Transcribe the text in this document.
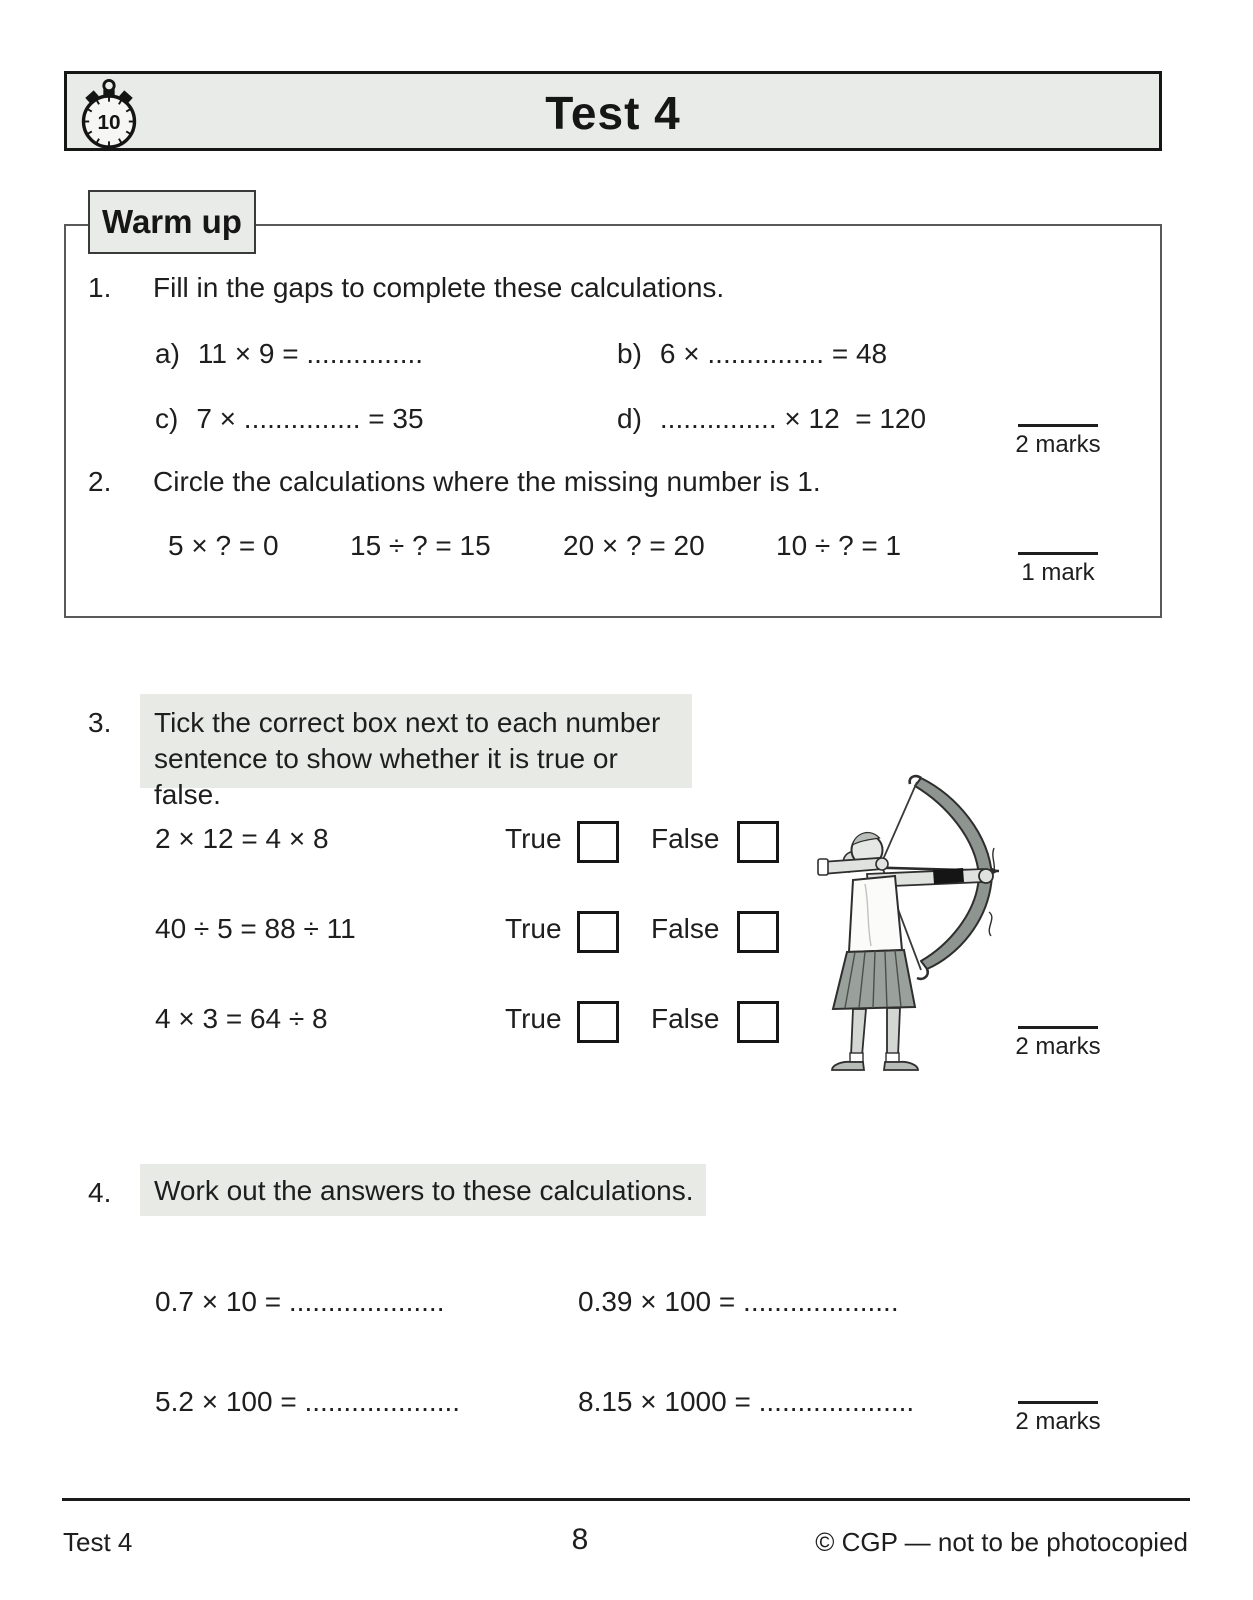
10	Test 4
Warm up
1. Fill in the gaps to complete these calculations.
a) 11 × 9 = ...............	b) 6 × ............... = 48
c) 7 × ............... = 35	d) ............... × 12  = 120
2 marks
2. Circle the calculations where the missing number is 1.
5 × ? = 0	15 ÷ ? = 15	20 × ? = 20	10 ÷ ? = 1
1 mark
3. Tick the correct box next to each number
sentence to show whether it is true or false.
2 × 12 = 4 × 8	True	False
40 ÷ 5 = 88 ÷ 11	True	False
4 × 3 = 64 ÷ 8	True	False
2 marks
4.	Work out the answers to these calculations.
0.7 × 10 = ....................	0.39 × 100 = ....................
5.2 × 100 = ....................	8.15 × 1000 = ....................
2 marks
Test 4	8	© CGP — not to be photocopied
